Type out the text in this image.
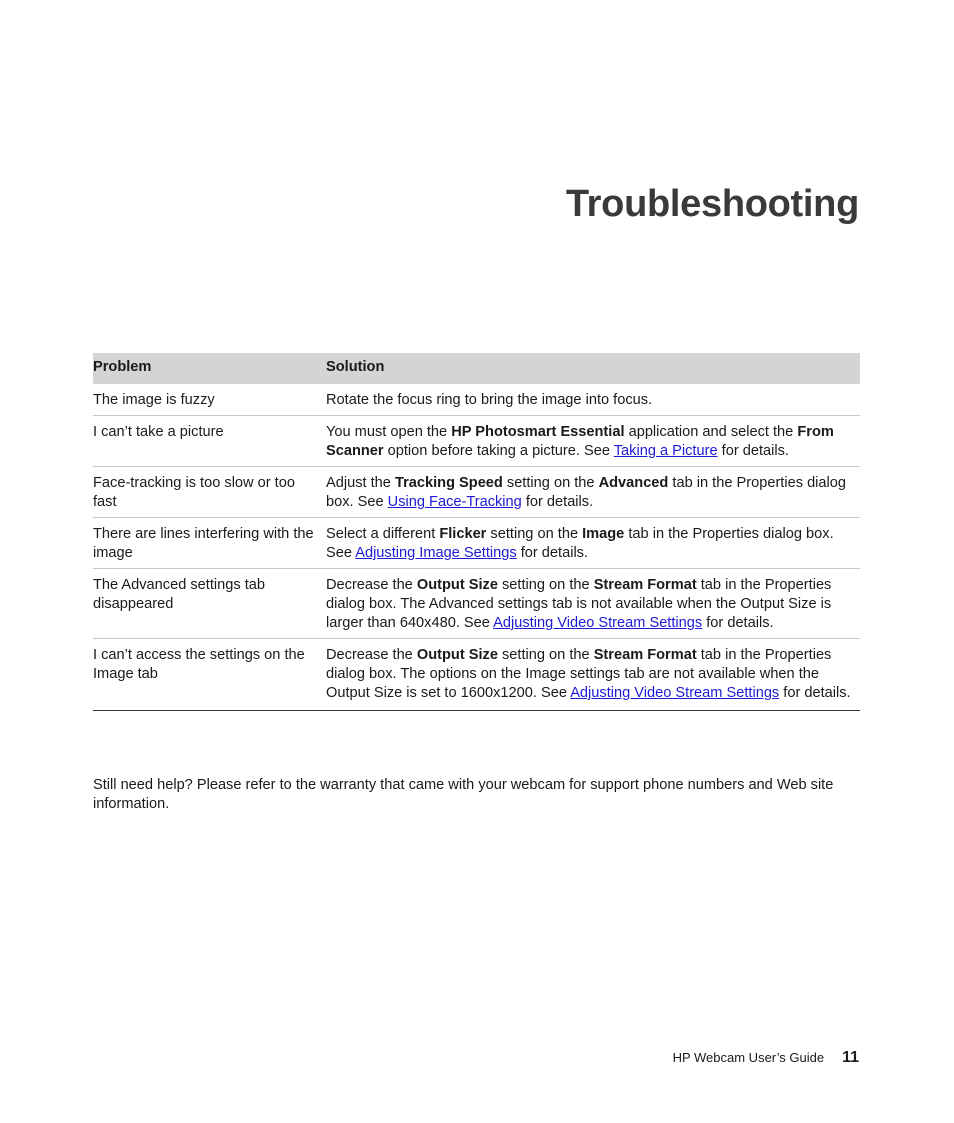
Troubleshooting
Problem	Solution
The image is fuzzy	Rotate the focus ring to bring the image into focus.
I can’t take a picture	You must open the HP Photosmart Essential application and select the From Scanner option before taking a picture. See Taking a Picture for details.
Face-tracking is too slow or too fast	Adjust the Tracking Speed setting on the Advanced tab in the Properties dialog box. See Using Face-Tracking for details.
There are lines interfering with the image	Select a different Flicker setting on the Image tab in the Properties dialog box. See Adjusting Image Settings for details.
The Advanced settings tab disappeared	Decrease the Output Size setting on the Stream Format tab in the Properties dialog box. The Advanced settings tab is not available when the Output Size is larger than 640x480. See Adjusting Video Stream Settings for details.
I can’t access the settings on the Image tab	Decrease the Output Size setting on the Stream Format tab in the Properties dialog box. The options on the Image settings tab are not available when the Output Size is set to 1600x1200. See Adjusting Video Stream Settings for details.

Still need help? Please refer to the warranty that came with your webcam for support phone numbers and Web site information.

HP Webcam User’s Guide 11
